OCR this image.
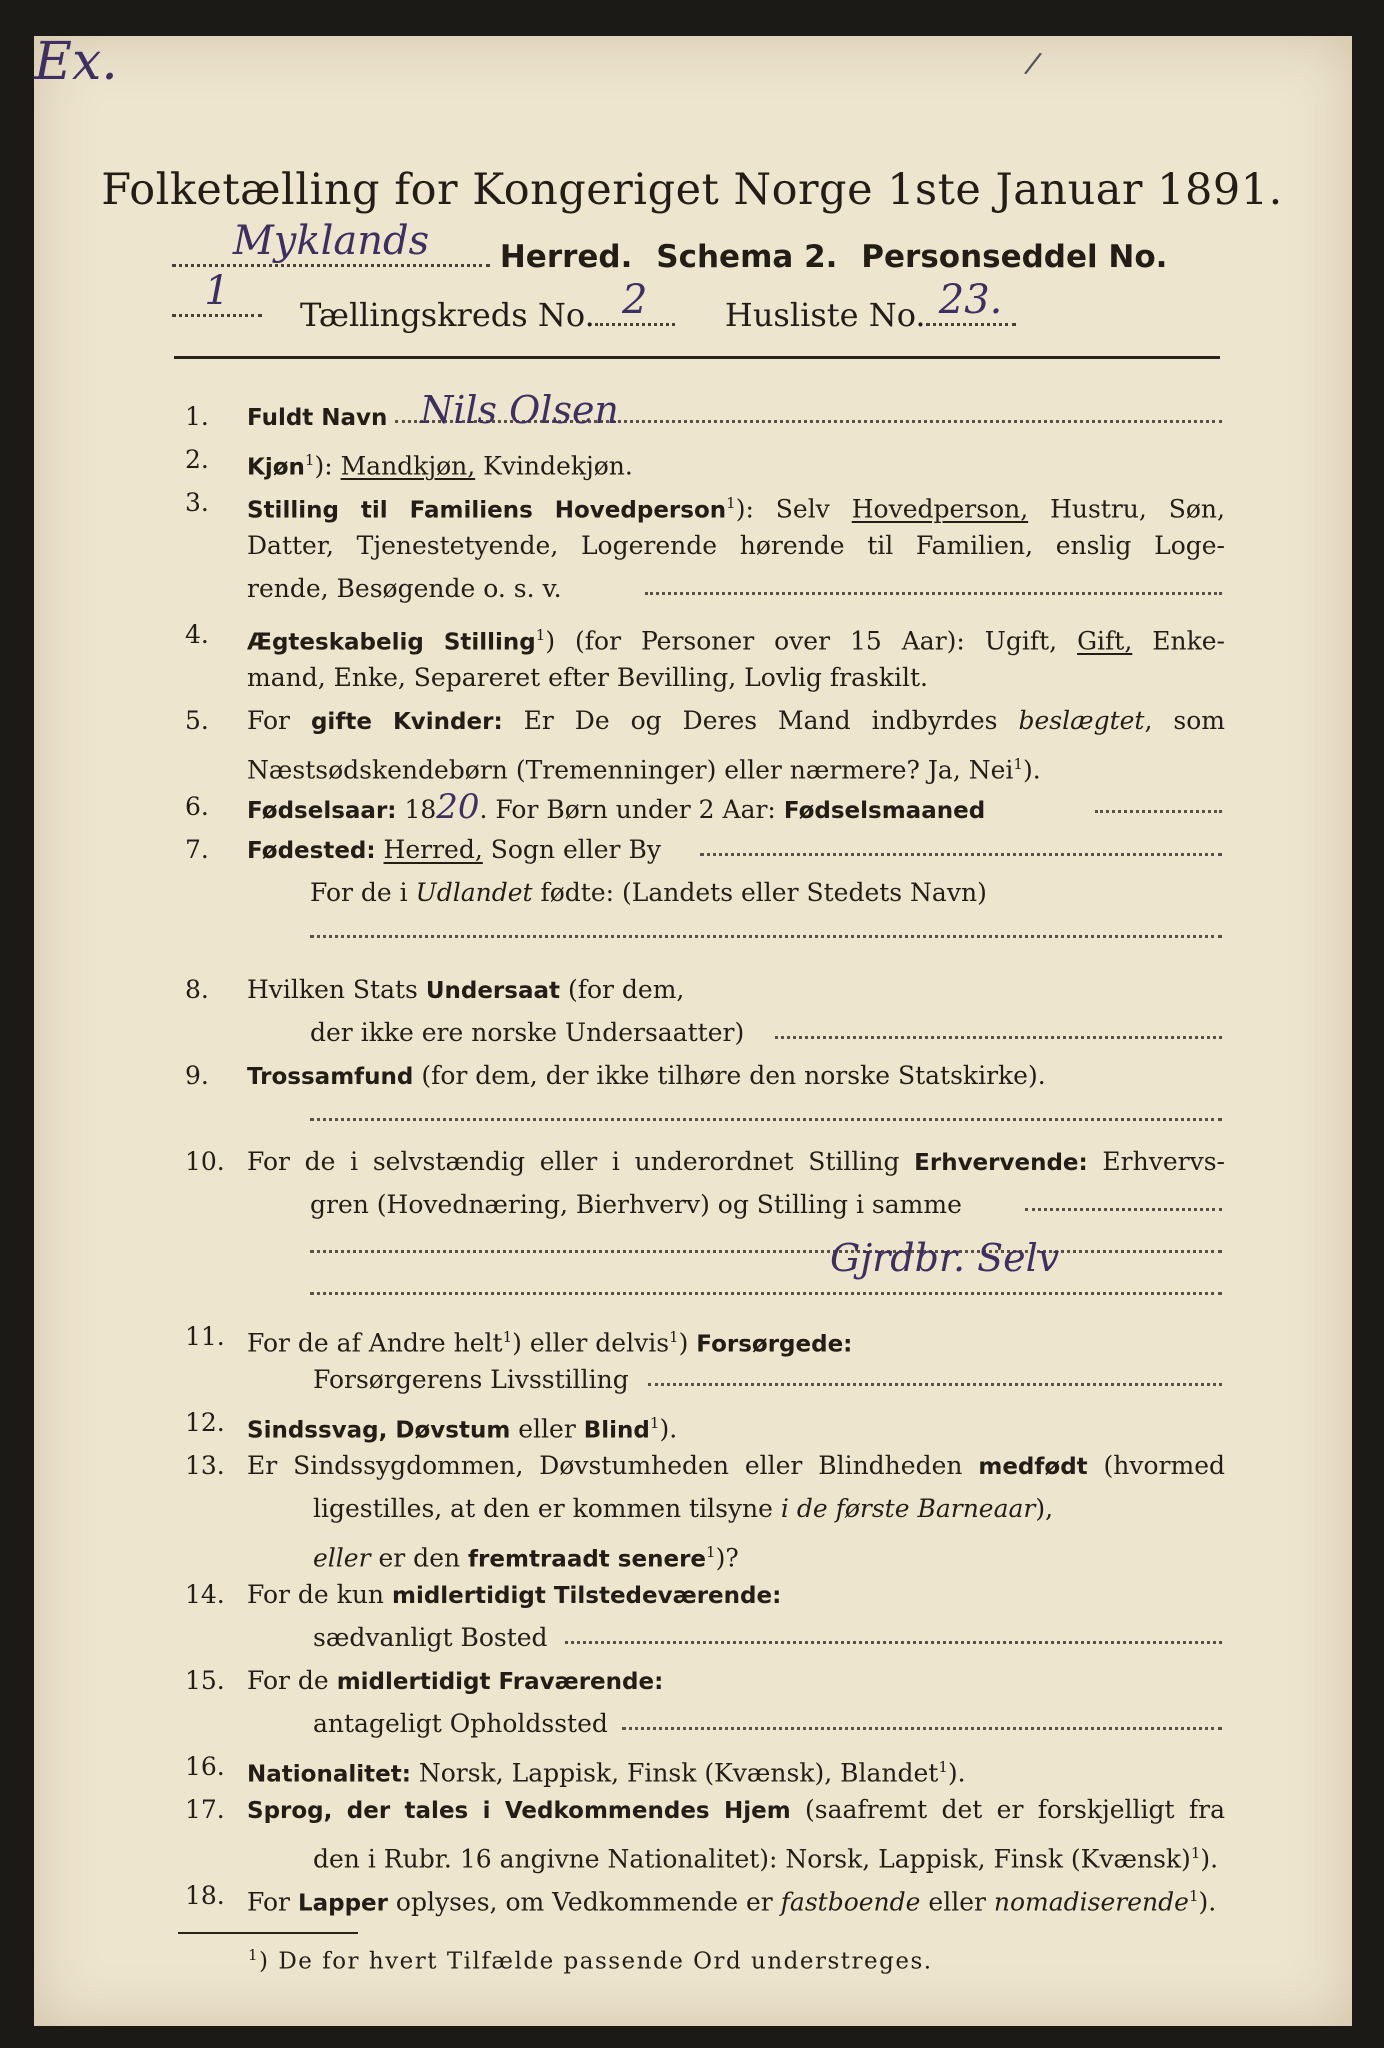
Ex.	/
Folketælling for Kongeriget Norge 1ste Januar 1891.
Myklands	Herred. Schema 2. Personseddel No.
1
Tællingskreds No. 2	Husliste No. 23.
1.	Fuldt Navn Nils Olsen
2.	Kjøn$^1$): Mandkjøn, Kvindekjøn.
3.	Stilling til Familiens Hovedperson$^1$): Selv Hovedperson, Hustru, Søn,
Datter, Tjenestetyende, Logerende hørende til Familien, enslig Loge-
rende, Besøgende o. s. v.
4.	Ægteskabelig Stilling$^1$) (for Personer over 15 Aar): Ugift, Gift, Enke-
mand, Enke, Separeret efter Bevilling, Lovlig fraskilt.
5.	For gifte Kvinder: Er De og Deres Mand indbyrdes beslægtet, som
Næstsødskendebørn (Tremenninger) eller nærmere? Ja, Nei$^1$).
6.	Fødselsaar: 1820. For Børn under 2 Aar: Fødselsmaaned
7.	Fødested: Herred, Sogn eller By
For de i Udlandet fødte: (Landets eller Stedets Navn)
8.	Hvilken Stats Undersaat (for dem,
der ikke ere norske Undersaatter)
9.	Trossamfund (for dem, der ikke tilhøre den norske Statskirke).
10. For de i selvstændig eller i underordnet Stilling Erhvervende: Erhvervs-
gren (Hovednæring, Bierhverv) og Stilling i samme
Gjrdbr. Selv
11. For de af Andre helt$^1$) eller delvis$^1$) Forsørgede:
Forsørgerens Livsstilling
12. Sindssvag, Døvstum eller Blind$^1$).
13. Er Sindssygdommen, Døvstumheden eller Blindheden medfødt (hvormed
ligestilles, at den er kommen tilsyne i de første Barneaar),
eller er den fremtraadt senere$^1$)?
14. For de kun midlertidigt Tilstedeværende:
sædvanligt Bosted
15. For de midlertidigt Fraværende:
antageligt Opholdssted
16. Nationalitet: Norsk, Lappisk, Finsk (Kvænsk), Blandet$^1$).
17. Sprog, der tales i Vedkommendes Hjem (saafremt det er forskjelligt fra
den i Rubr. 16 angivne Nationalitet): Norsk, Lappisk, Finsk (Kvænsk)$^1$).
18. For Lapper oplyses, om Vedkommende er fastboende eller nomadiserende$^1$).
$^1$) De for hvert Tilfælde passende Ord understreges.
